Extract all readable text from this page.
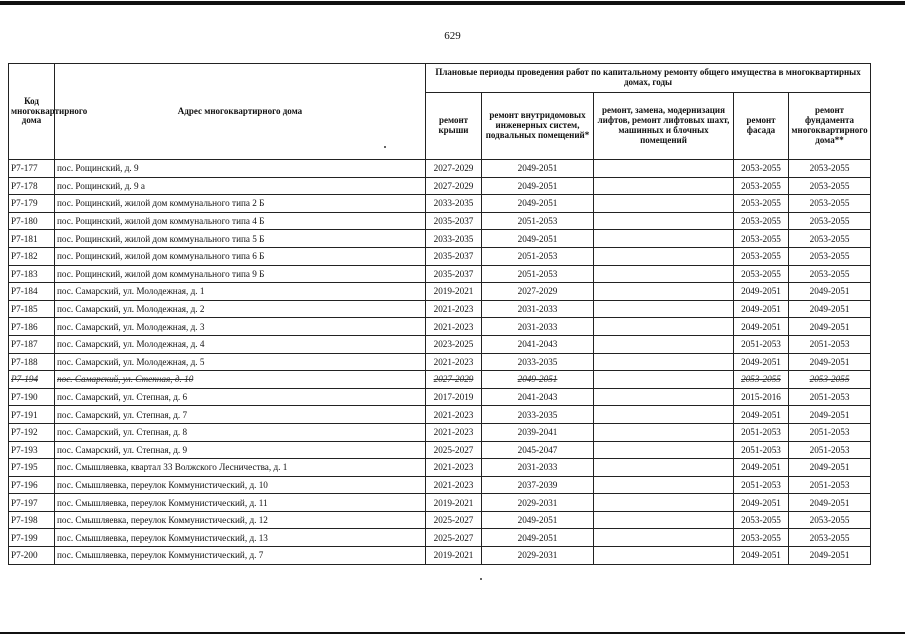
629
Код многоквартирного дома	Адрес многоквартирного дома	Плановые периоды проведения работ по капитальному ремонту общего имущества в многоквартирных домах, годы				
		ремонт крыши	ремонт внутридомовых инженерных систем, подвальных помещений*	ремонт, замена, модернизация лифтов, ремонт лифтовых шахт, машинных и блочных помещений	ремонт фасада	ремонт фундамента многоквартирного дома**
Р7-177	пос. Рощинский, д. 9	2027-2029	2049-2051		2053-2055	2053-2055
Р7-178	пос. Рощинский, д. 9 а	2027-2029	2049-2051		2053-2055	2053-2055
Р7-179	пос. Рощинский, жилой дом коммунального типа 2 Б	2033-2035	2049-2051		2053-2055	2053-2055
Р7-180	пос. Рощинский, жилой дом коммунального типа 4 Б	2035-2037	2051-2053		2053-2055	2053-2055
Р7-181	пос. Рощинский, жилой дом коммунального типа 5 Б	2033-2035	2049-2051		2053-2055	2053-2055
Р7-182	пос. Рощинский, жилой дом коммунального типа 6 Б	2035-2037	2051-2053		2053-2055	2053-2055
Р7-183	пос. Рощинский, жилой дом коммунального типа 9 Б	2035-2037	2051-2053		2053-2055	2053-2055
Р7-184	пос. Самарский, ул. Молодежная, д. 1	2019-2021	2027-2029		2049-2051	2049-2051
Р7-185	пос. Самарский, ул. Молодежная, д. 2	2021-2023	2031-2033		2049-2051	2049-2051
Р7-186	пос. Самарский, ул. Молодежная, д. 3	2021-2023	2031-2033		2049-2051	2049-2051
Р7-187	пос. Самарский, ул. Молодежная, д. 4	2023-2025	2041-2043		2051-2053	2051-2053
Р7-188	пос. Самарский, ул. Молодежная, д. 5	2021-2023	2033-2035		2049-2051	2049-2051
Р7-194	пос. Самарский, ул. Степная, д. 10	2027-2029	2049-2051		2053-2055	2053-2055
Р7-190	пос. Самарский, ул. Степная, д. 6	2017-2019	2041-2043		2015-2016	2051-2053
Р7-191	пос. Самарский, ул. Степная, д. 7	2021-2023	2033-2035		2049-2051	2049-2051
Р7-192	пос. Самарский, ул. Степная, д. 8	2021-2023	2039-2041		2051-2053	2051-2053
Р7-193	пос. Самарский, ул. Степная, д. 9	2025-2027	2045-2047		2051-2053	2051-2053
Р7-195	пос. Смышляевка, квартал 33 Волжского Лесничества, д. 1	2021-2023	2031-2033		2049-2051	2049-2051
Р7-196	пос. Смышляевка, переулок Коммунистический, д. 10	2021-2023	2037-2039		2051-2053	2051-2053
Р7-197	пос. Смышляевка, переулок Коммунистический, д. 11	2019-2021	2029-2031		2049-2051	2049-2051
Р7-198	пос. Смышляевка, переулок Коммунистический, д. 12	2025-2027	2049-2051		2053-2055	2053-2055
Р7-199	пос. Смышляевка, переулок Коммунистический, д. 13	2025-2027	2049-2051		2053-2055	2053-2055
Р7-200	пос. Смышляевка, переулок Коммунистический, д. 7	2019-2021	2029-2031		2049-2051	2049-2051
